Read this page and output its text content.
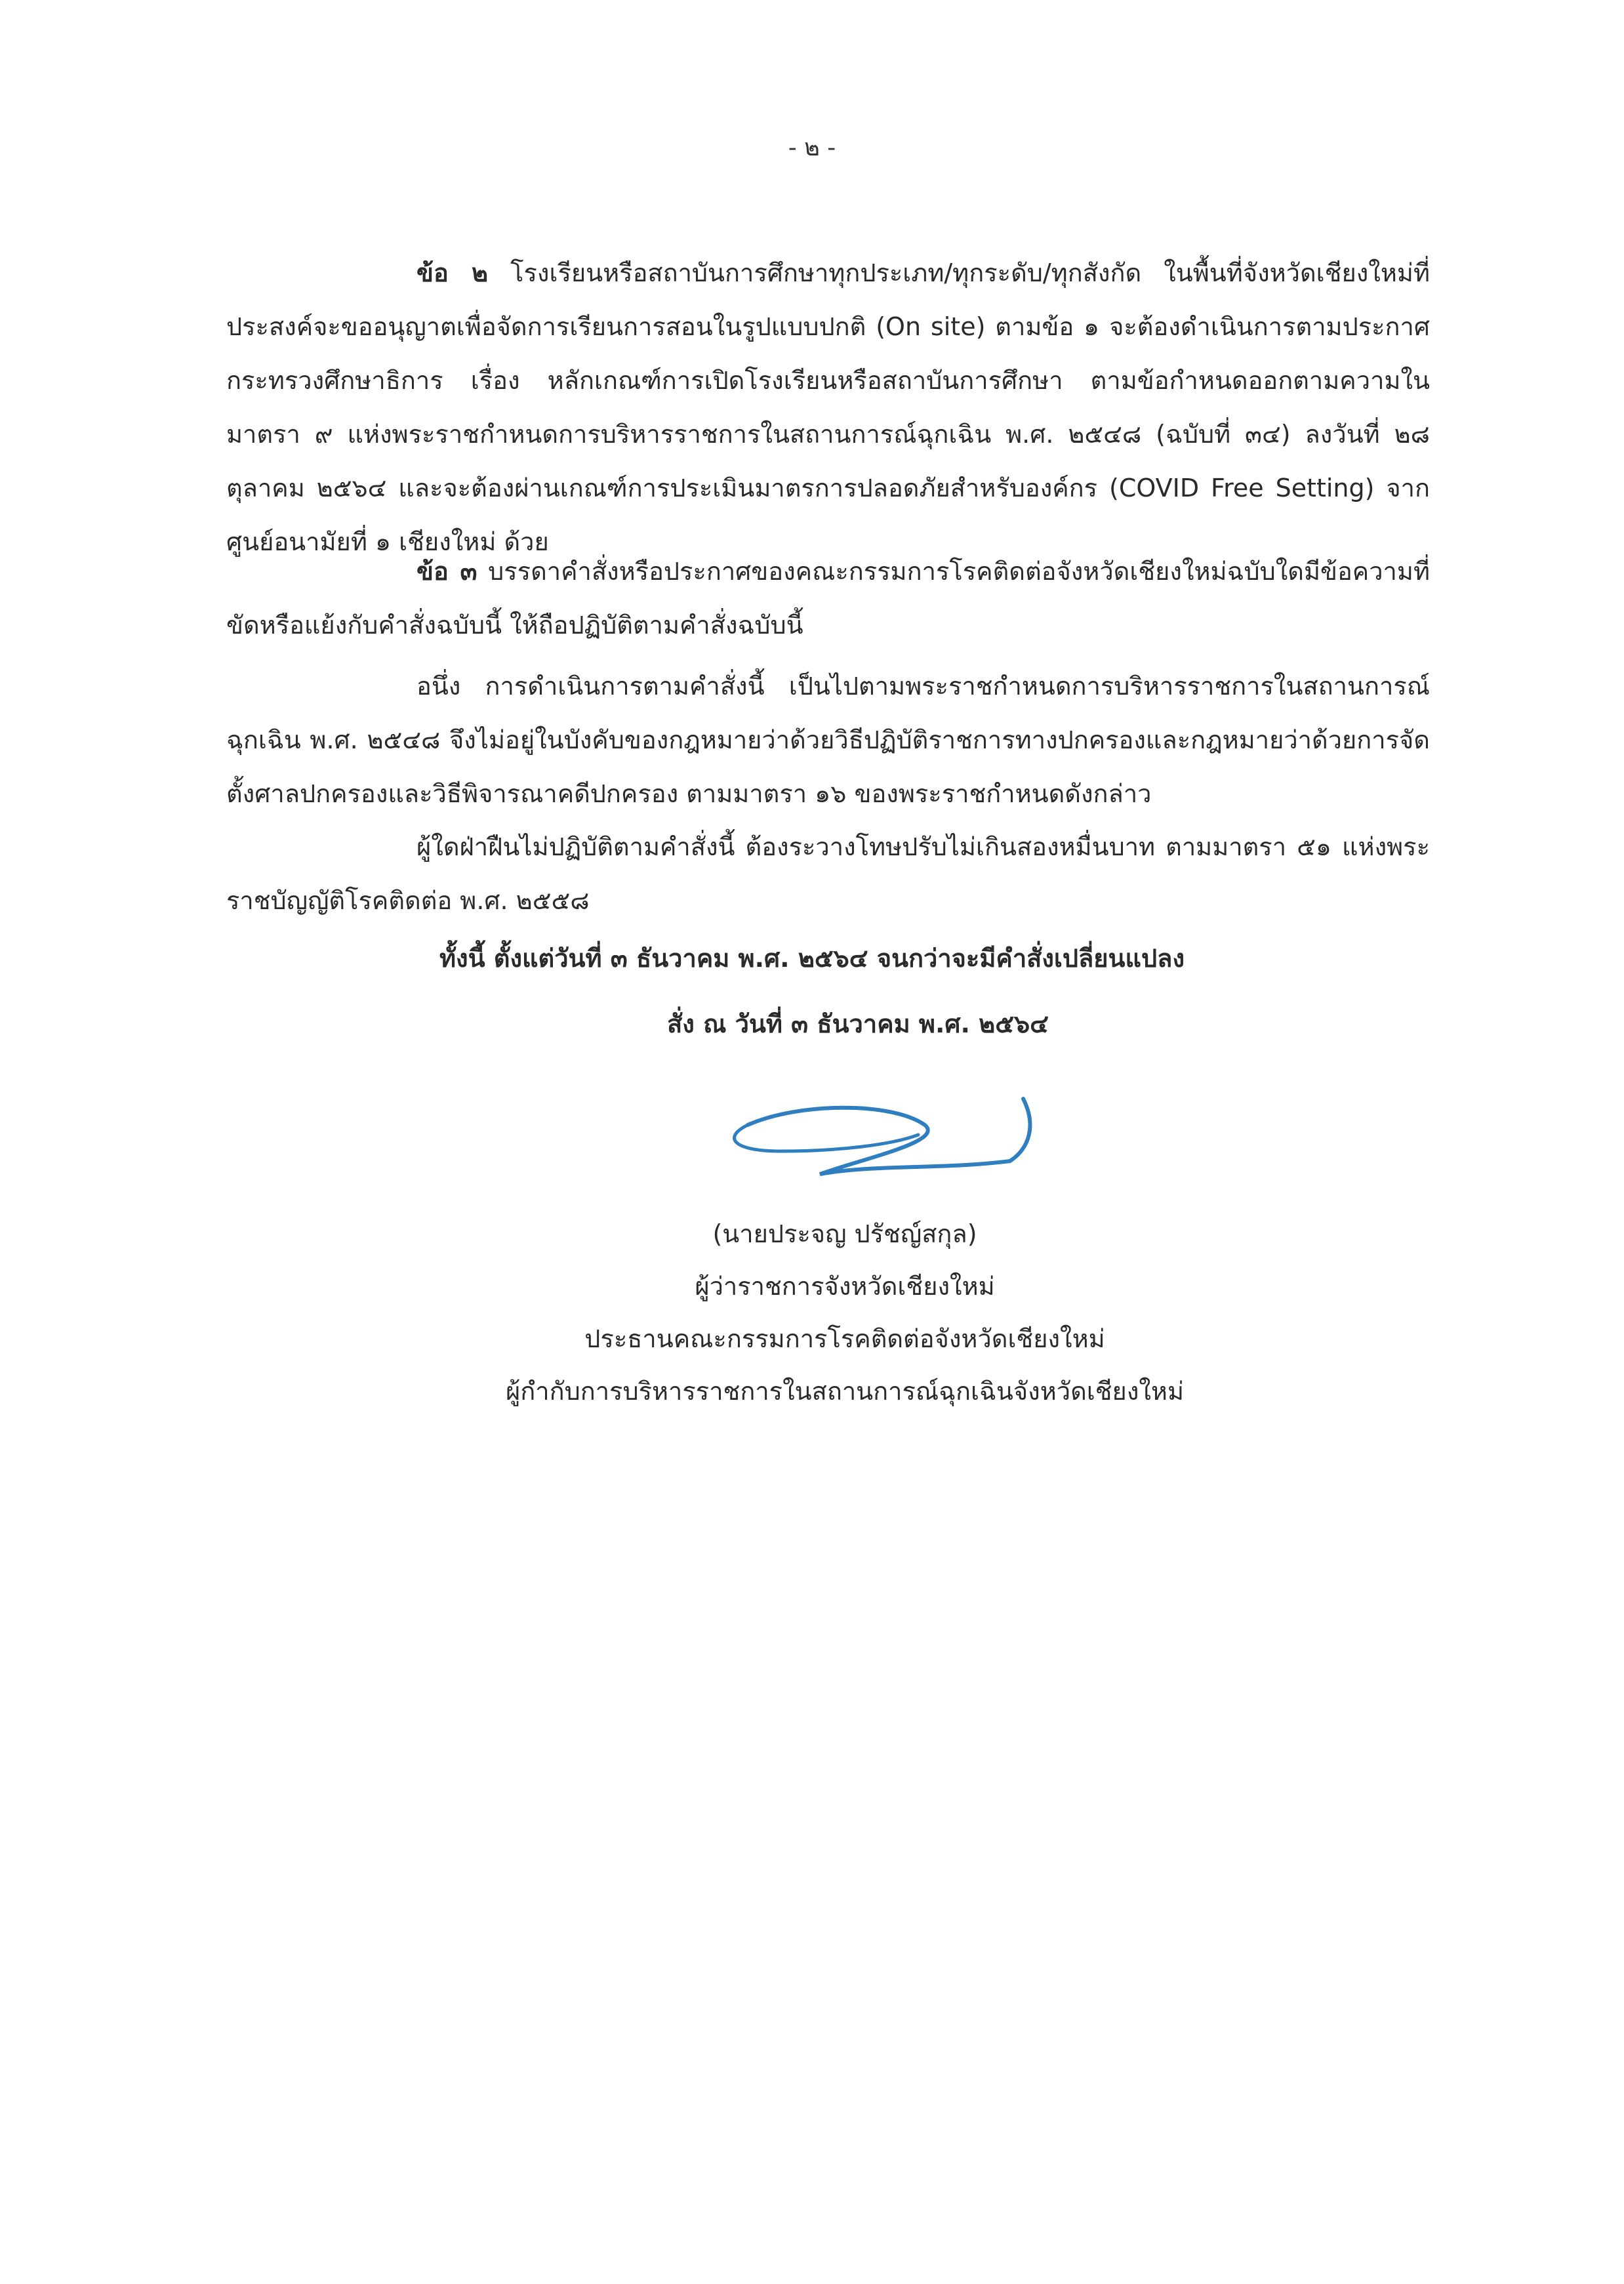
- ๒ -
ข้อ ๒ โรงเรียนหรือสถาบันการศึกษาทุกประเภท/ทุกระดับ/ทุกสังกัด ในพื้นที่จังหวัดเชียงใหม่ที่ประสงค์จะขออนุญาตเพื่อจัดการเรียนการสอนในรูปแบบปกติ (On site) ตามข้อ ๑ จะต้องดำเนินการตามประกาศกระทรวงศึกษาธิการ เรื่อง หลักเกณฑ์การเปิดโรงเรียนหรือสถาบันการศึกษา ตามข้อกำหนดออกตามความในมาตรา ๙ แห่งพระราชกำหนดการบริหารราชการในสถานการณ์ฉุกเฉิน พ.ศ. ๒๕๔๘ (ฉบับที่ ๓๔) ลงวันที่ ๒๘ ตุลาคม ๒๕๖๔ และจะต้องผ่านเกณฑ์การประเมินมาตรการปลอดภัยสำหรับองค์กร (COVID Free Setting) จากศูนย์อนามัยที่ ๑ เชียงใหม่ ด้วย
ข้อ ๓ บรรดาคำสั่งหรือประกาศของคณะกรรมการโรคติดต่อจังหวัดเชียงใหม่ฉบับใดมีข้อความที่ขัดหรือแย้งกับคำสั่งฉบับนี้ ให้ถือปฏิบัติตามคำสั่งฉบับนี้
อนึ่ง การดำเนินการตามคำสั่งนี้ เป็นไปตามพระราชกำหนดการบริหารราชการในสถานการณ์ฉุกเฉิน พ.ศ. ๒๕๔๘ จึงไม่อยู่ในบังคับของกฎหมายว่าด้วยวิธีปฏิบัติราชการทางปกครองและกฎหมายว่าด้วยการจัดตั้งศาลปกครองและวิธีพิจารณาคดีปกครอง ตามมาตรา ๑๖ ของพระราชกำหนดดังกล่าว
ผู้ใดฝ่าฝืนไม่ปฏิบัติตามคำสั่งนี้ ต้องระวางโทษปรับไม่เกินสองหมื่นบาท ตามมาตรา ๕๑ แห่งพระราชบัญญัติโรคติดต่อ พ.ศ. ๒๕๕๘
ทั้งนี้ ตั้งแต่วันที่ ๓ ธันวาคม พ.ศ. ๒๕๖๔ จนกว่าจะมีคำสั่งเปลี่ยนแปลง
สั่ง ณ วันที่ ๓ ธันวาคม พ.ศ. ๒๕๖๔
(นายประจญ ปรัชญ์สกุล)
ผู้ว่าราชการจังหวัดเชียงใหม่
ประธานคณะกรรมการโรคติดต่อจังหวัดเชียงใหม่
ผู้กำกับการบริหารราชการในสถานการณ์ฉุกเฉินจังหวัดเชียงใหม่
